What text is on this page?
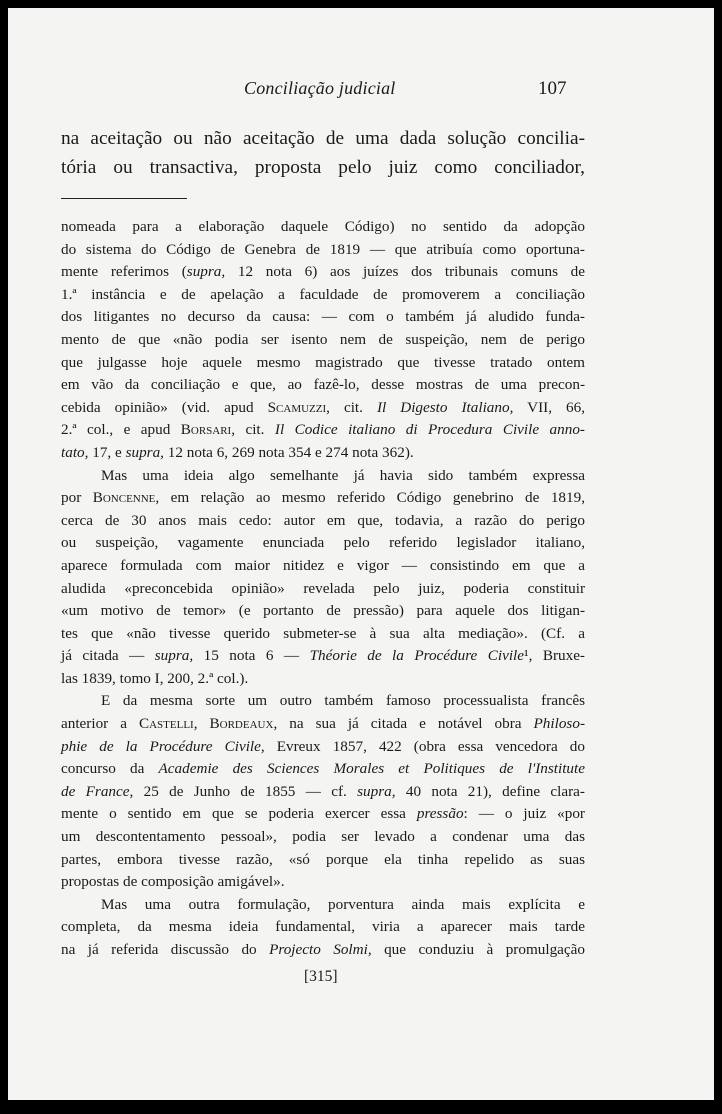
Conciliação judicial	107
na aceitação ou não aceitação de uma dada solução concilia-
tória ou transactiva, proposta pelo juiz como conciliador,

nomeada para a elaboração daquele Código) no sentido da adopção
do sistema do Código de Genebra de 1819 — que atribuía como oportuna-
mente referimos (supra, 12 nota 6) aos juízes dos tribunais comuns de
1.ª instância e de apelação a faculdade de promoverem a conciliação
dos litigantes no decurso da causa: — com o também já aludido funda-
mento de que «não podia ser isento nem de suspeição, nem de perigo
que julgasse hoje aquele mesmo magistrado que tivesse tratado ontem
em vão da conciliação e que, ao fazê-lo, desse mostras de uma precon-
cebida opinião» (vid. apud Scamuzzi, cit. Il Digesto Italiano, VII, 66,
2.ª col., e apud Borsari, cit. Il Codice italiano di Procedura Civile anno-
tato, 17, e supra, 12 nota 6, 269 nota 354 e 274 nota 362).

Mas uma ideia algo semelhante já havia sido também expressa
por Boncenne, em relação ao mesmo referido Código genebrino de 1819,
cerca de 30 anos mais cedo: autor em que, todavia, a razão do perigo
ou suspeição, vagamente enunciada pelo referido legislador italiano,
aparece formulada com maior nitidez e vigor — consistindo em que a
aludida «preconcebida opinião» revelada pelo juiz, poderia constituir
«um motivo de temor» (e portanto de pressão) para aquele dos litigan-
tes que «não tivesse querido submeter-se à sua alta mediação». (Cf. a
já citada — supra, 15 nota 6 — Théorie de la Procédure Civile¹, Bruxe-
las 1839, tomo I, 200, 2.ª col.).

E da mesma sorte um outro também famoso processualista francês
anterior a Castelli, Bordeaux, na sua já citada e notável obra Philoso-
phie de la Procédure Civile, Evreux 1857, 422 (obra essa vencedora do
concurso da Academie des Sciences Morales et Politiques de l'Institute
de France, 25 de Junho de 1855 — cf. supra, 40 nota 21), define clara-
mente o sentido em que se poderia exercer essa pressão: — o juiz «por
um descontentamento pessoal», podia ser levado a condenar uma das
partes, embora tivesse razão, «só porque ela tinha repelido as suas
propostas de composição amigável».

Mas uma outra formulação, porventura ainda mais explícita e
completa, da mesma ideia fundamental, viria a aparecer mais tarde
na já referida discussão do Projecto Solmi, que conduziu à promulgação

[315]
